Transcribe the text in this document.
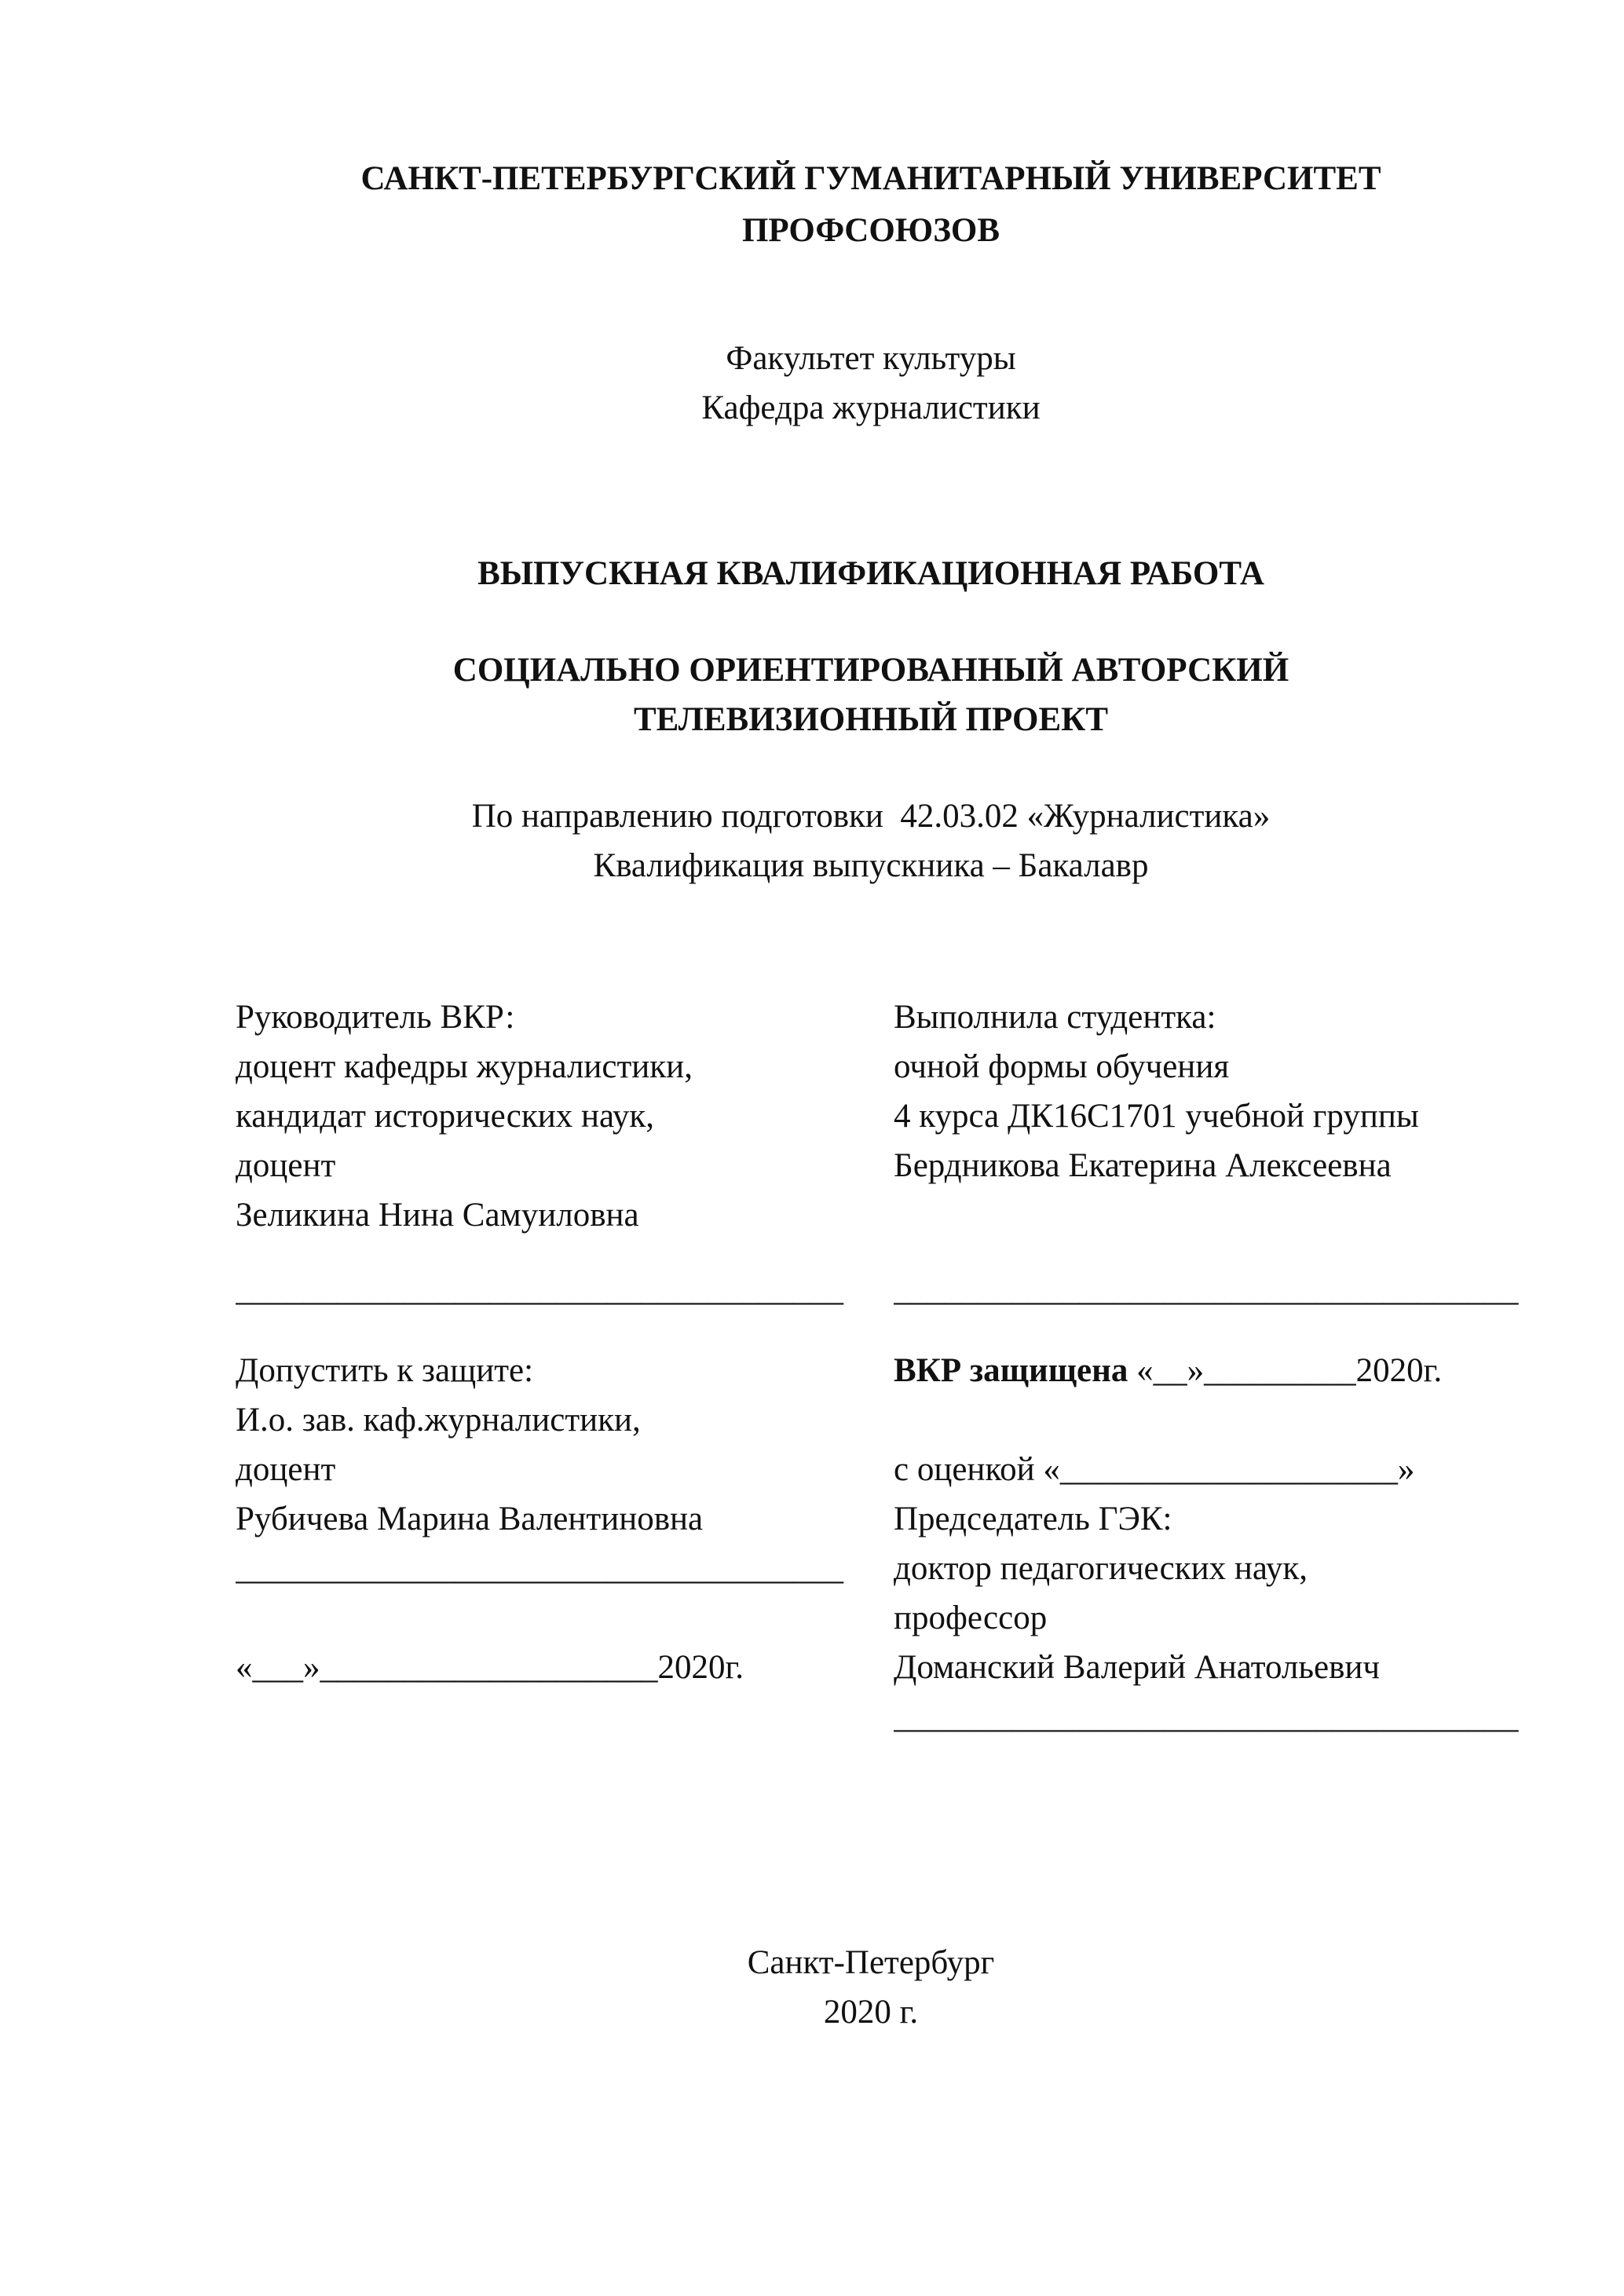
САНКТ-ПЕТЕРБУРГСКИЙ ГУМАНИТАРНЫЙ УНИВЕРСИТЕТ
ПРОФСОЮЗОВ
Факультет культуры
Кафедра журналистики
ВЫПУСКНАЯ КВАЛИФИКАЦИОННАЯ РАБОТА
СОЦИАЛЬНО ОРИЕНТИРОВАННЫЙ АВТОРСКИЙ
ТЕЛЕВИЗИОННЫЙ ПРОЕКТ
По направлению подготовки  42.03.02 «Журналистика»
Квалификация выпускника – Бакалавр
Руководитель ВКР:
доцент кафедры журналистики,
кандидат исторических наук,
доцент
Зеликина Нина Самуиловна
____________________________________
Выполнила студентка:
очной формы обучения
4 курса ДК16С1701 учебной группы
Бердникова Екатерина Алексеевна
_____________________________________
Допустить к защите:
И.о. зав. каф.журналистики,
доцент
Рубичева Марина Валентиновна
____________________________________
«___»____________________2020г.
ВКР защищена «__»_________2020г.
с оценкой «____________________»
Председатель ГЭК:
доктор педагогических наук,
профессор
Доманский Валерий Анатольевич
_____________________________________
Санкт-Петербург
2020 г.
